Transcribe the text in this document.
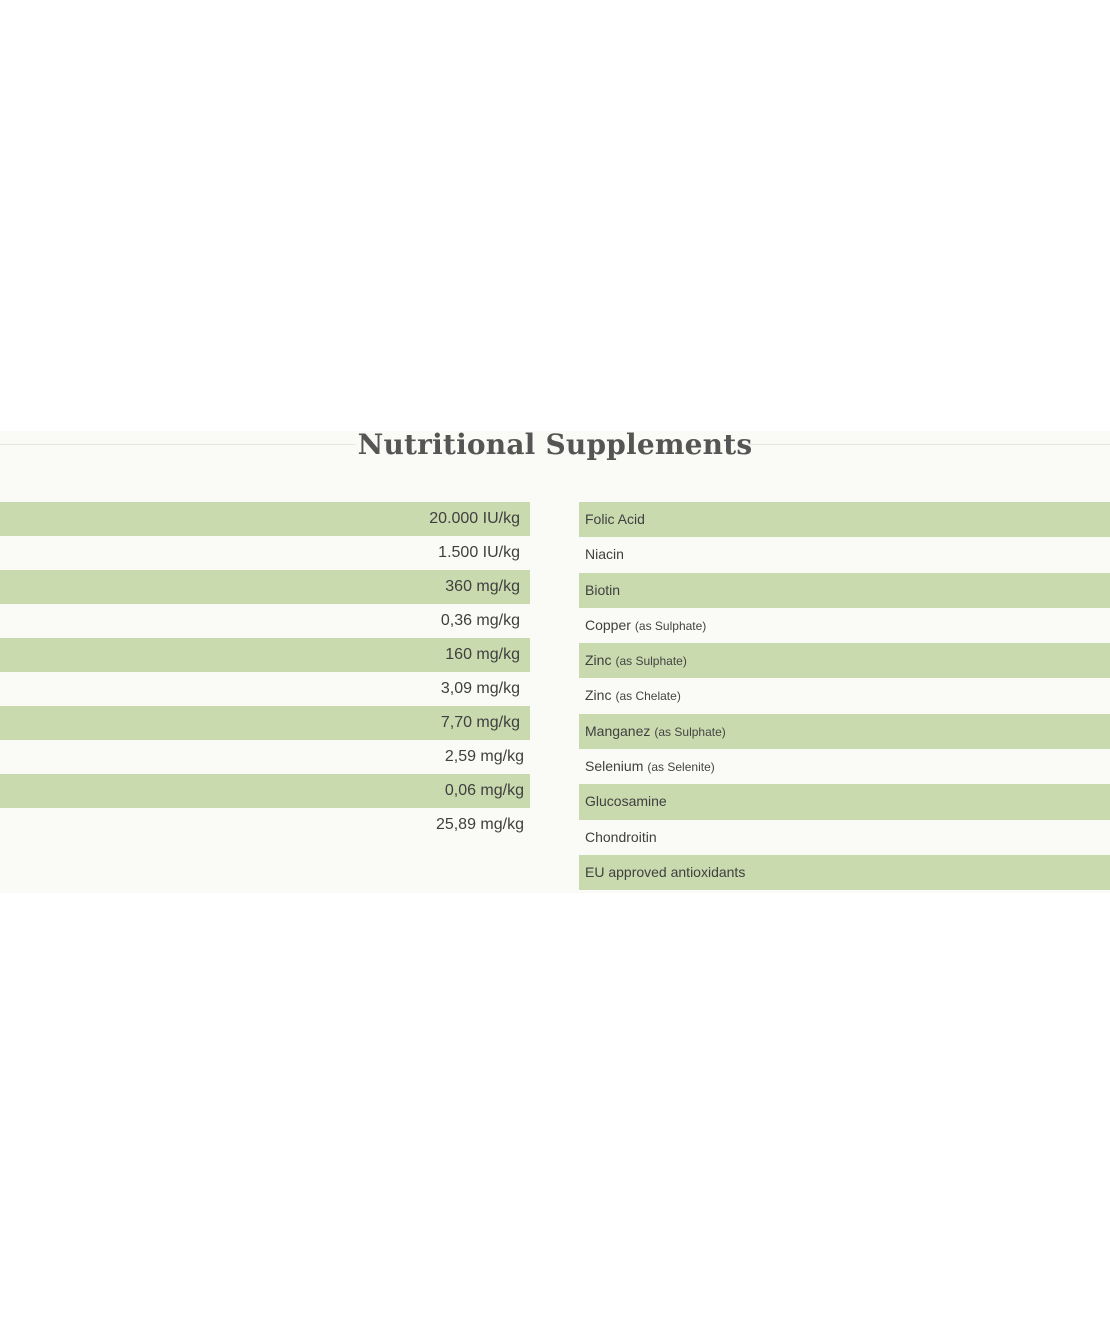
Nutritional Supplements
20.000 IU/kg
1.500 IU/kg
360 mg/kg
0,36 mg/kg
160 mg/kg
3,09 mg/kg
7,70 mg/kg
2,59 mg/kg
0,06 mg/kg
25,89 mg/kg
Folic Acid
Niacin
Biotin
Copper (as Sulphate)
Zinc (as Sulphate)
Zinc (as Chelate)
Manganez (as Sulphate)
Selenium (as Selenite)
Glucosamine
Chondroitin
EU approved antioxidants
